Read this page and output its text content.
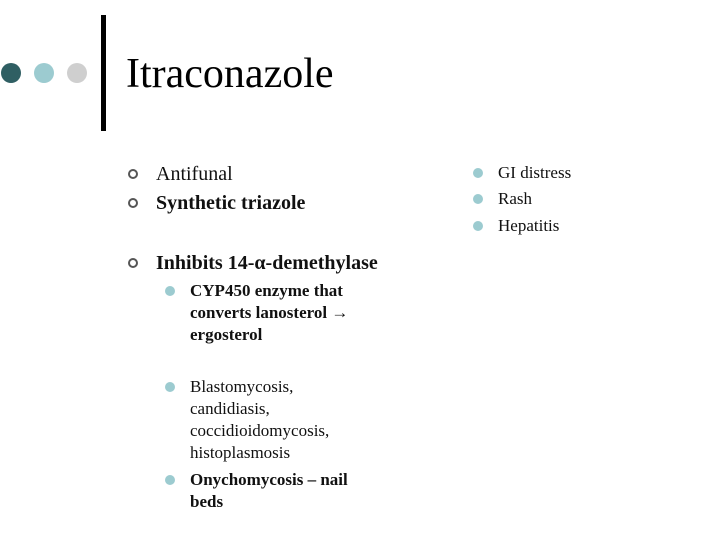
Itraconazole
Antifunal
Synthetic triazole
Inhibits 14-α-demethylase
CYP450 enzyme that
converts lanosterol →
ergosterol
Blastomycosis,
candidiasis,
coccidioidomycosis,
histoplasmosis
Onychomycosis – nail
beds
GI distress
Rash
Hepatitis
